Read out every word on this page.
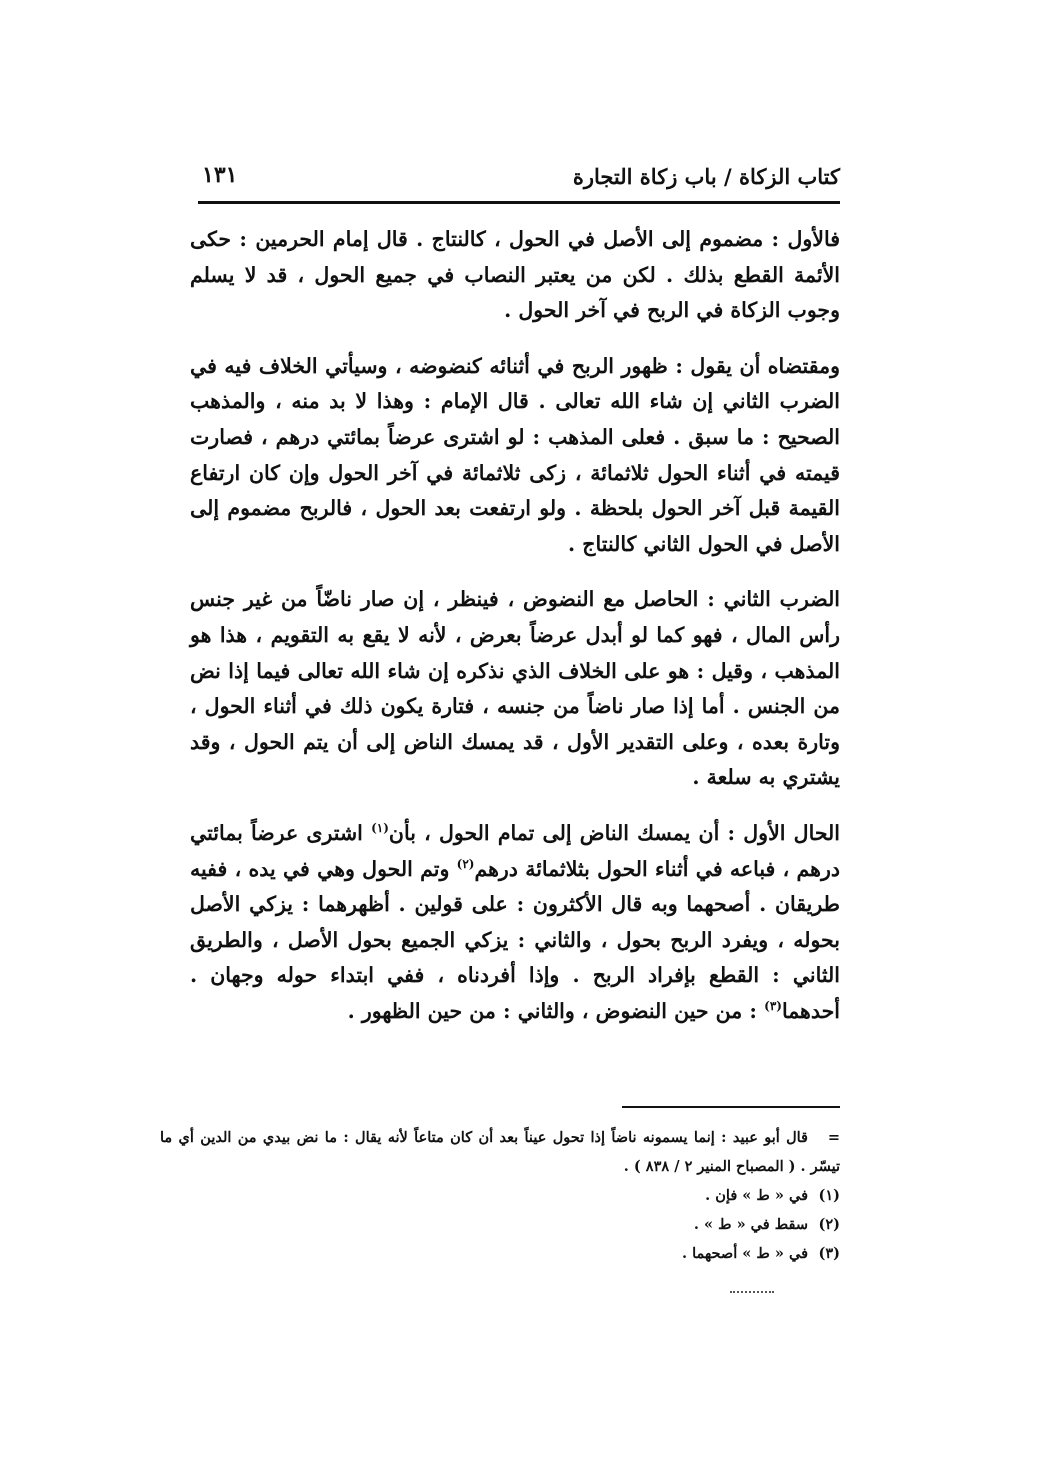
كتاب الزكاة / باب زكاة التجارة
١٣١

فالأول : مضموم إلى الأصل في الحول ، كالنتاج . قال إمام الحرمين : حكى الأئمة القطع بذلك . لكن من يعتبر النصاب في جميع الحول ، قد لا يسلم وجوب الزكاة في الربح في آخر الحول .

ومقتضاه أن يقول : ظهور الربح في أثنائه كنضوضه ، وسيأتي الخلاف فيه في الضرب الثاني إن شاء الله تعالى . قال الإمام : وهذا لا بد منه ، والمذهب الصحيح : ما سبق . فعلى المذهب : لو اشترى عرضاً بمائتي درهم ، فصارت قيمته في أثناء الحول ثلاثمائة ، زكى ثلاثمائة في آخر الحول وإن كان ارتفاع القيمة قبل آخر الحول بلحظة . ولو ارتفعت بعد الحول ، فالربح مضموم إلى الأصل في الحول الثاني كالنتاج .

الضرب الثاني : الحاصل مع النضوض ، فينظر ، إن صار ناضّاً من غير جنس رأس المال ، فهو كما لو أبدل عرضاً بعرض ، لأنه لا يقع به التقويم ، هذا هو المذهب ، وقيل : هو على الخلاف الذي نذكره إن شاء الله تعالى فيما إذا نض من الجنس . أما إذا صار ناضاً من جنسه ، فتارة يكون ذلك في أثناء الحول ، وتارة بعده ، وعلى التقدير الأول ، قد يمسك الناض إلى أن يتم الحول ، وقد يشتري به سلعة .

الحال الأول : أن يمسك الناض إلى تمام الحول ، بأن$^{(١)}$ اشترى عرضاً بمائتي درهم ، فباعه في أثناء الحول بثلاثمائة درهم$^{(٢)}$ وتم الحول وهي في يده ، ففيه طريقان . أصحهما وبه قال الأكثرون : على قولين . أظهرهما : يزكي الأصل بحوله ، ويفرد الربح بحول ، والثاني : يزكي الجميع بحول الأصل ، والطريق الثاني : القطع بإفراد الربح . وإذا أفردناه ، ففي ابتداء حوله وجهان . أحدهما$^{(٣)}$ : من حين النضوض ، والثاني : من حين الظهور .

=قال أبو عبيد : إنما يسمونه ناضاً إذا تحول عيناً بعد أن كان متاعاً لأنه يقال : ما نض بيدي من الدين أي ما تيسّر . ( المصباح المنير ٢ / ٨٣٨ ) .

(١)في « ط » فإن .

(٢)سقط في « ط » .

(٣)في « ط » أصحهما .
